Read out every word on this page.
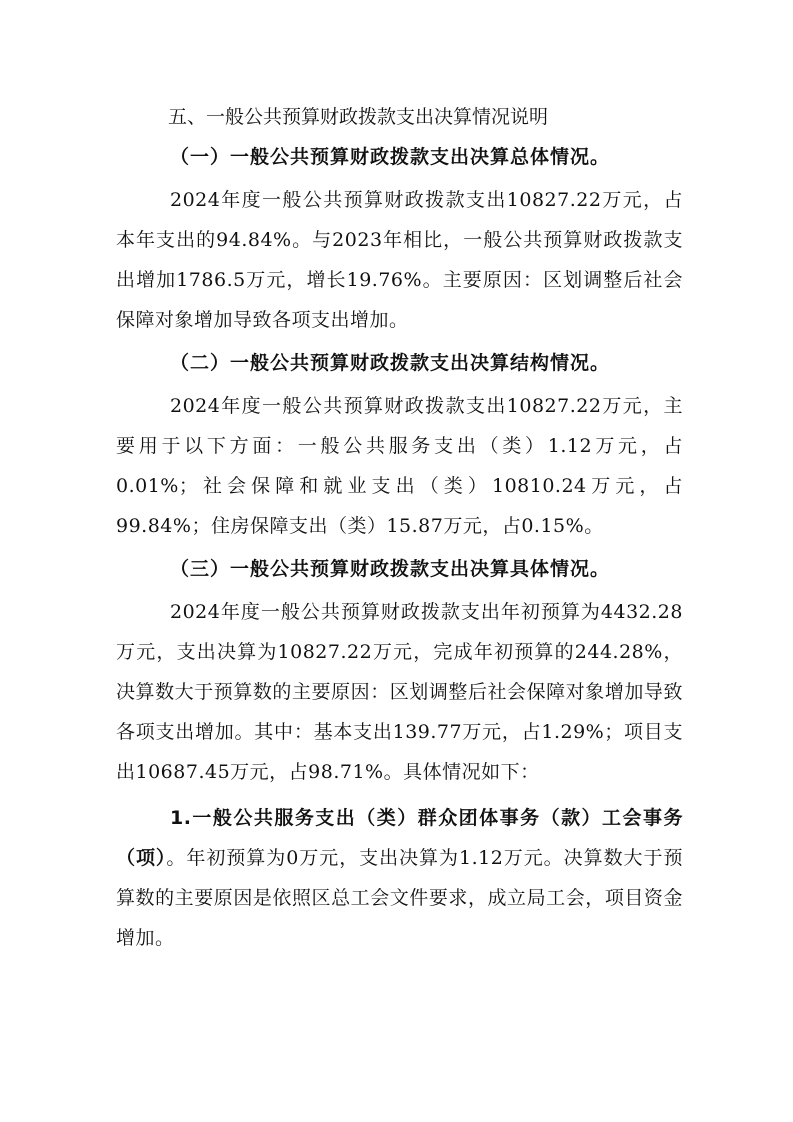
五、一般公共预算财政拨款支出决算情况说明
（一）一般公共预算财政拨款支出决算总体情况。

2024年度一般公共预算财政拨款支出10827.22万元，占本年支出的94.84%。与2023年相比，一般公共预算财政拨款支出增加1786.5万元，增长19.76%。主要原因：区划调整后社会保障对象增加导致各项支出增加。

（二）一般公共预算财政拨款支出决算结构情况。

2024年度一般公共预算财政拨款支出10827.22万元，主要用于以下方面：一般公共服务支出（类）1.12万元，占0.01%；社会保障和就业支出（类）10810.24万元，占99.84%；住房保障支出（类）15.87万元，占0.15%。

（三）一般公共预算财政拨款支出决算具体情况。

2024年度一般公共预算财政拨款支出年初预算为4432.28万元，支出决算为10827.22万元，完成年初预算的244.28%，决算数大于预算数的主要原因：区划调整后社会保障对象增加导致各项支出增加。其中：基本支出139.77万元，占1.29%；项目支出10687.45万元，占98.71%。具体情况如下：

1.一般公共服务支出（类）群众团体事务（款）工会事务（项）。年初预算为0万元，支出决算为1.12万元。决算数大于预算数的主要原因是依照区总工会文件要求，成立局工会，项目资金增加。
